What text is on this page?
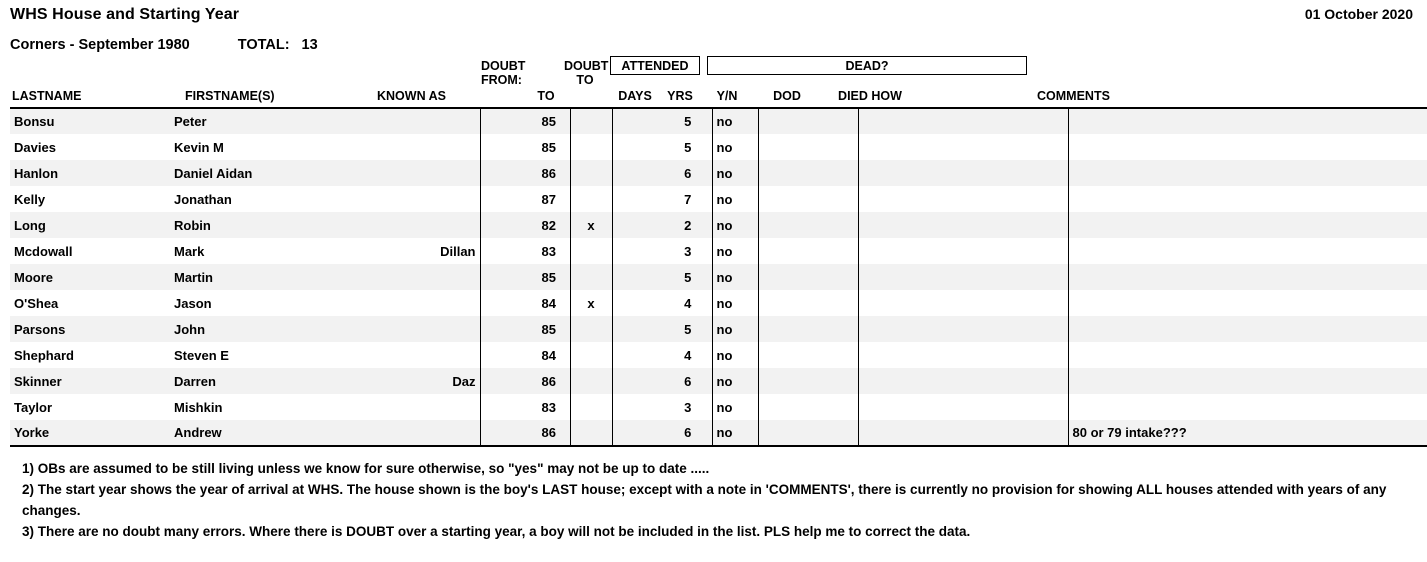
WHS House and Starting Year	01 October 2020
Corners - September 1980	TOTAL: 13
DOUBT
FROM:
DOUBT
TO
ATTENDED	DEAD?
LASTNAME	FIRSTNAME(S)	KNOWN AS	TO	DAYS	YRS	Y/N	DOD	DIED HOW	COMMENTS
Bonsu	Peter			85			5	no			
Davies	Kevin M			85			5	no			
Hanlon	Daniel Aidan			86			6	no			
Kelly	Jonathan			87			7	no			
Long	Robin			82	x		2	no			
Mcdowall	Mark	Dillan		83			3	no			
Moore	Martin			85			5	no			
O'Shea	Jason			84	x		4	no			
Parsons	John			85			5	no			
Shephard	Steven E			84			4	no			
Skinner	Darren	Daz		86			6	no			
Taylor	Mishkin			83			3	no			
Yorke	Andrew			86			6	no			80 or 79 intake???

1) OBs are assumed to be still living unless we know for sure otherwise, so "yes" may not be up to date .....

2) The start year shows the year of arrival at WHS. The house shown is the boy's LAST house; except with a note in 'COMMENTS', there is currently no provision for showing ALL houses attended with years of any changes.

3) There are no doubt many errors. Where there is DOUBT over a starting year, a boy will not be included in the list. PLS help me to correct the data.
